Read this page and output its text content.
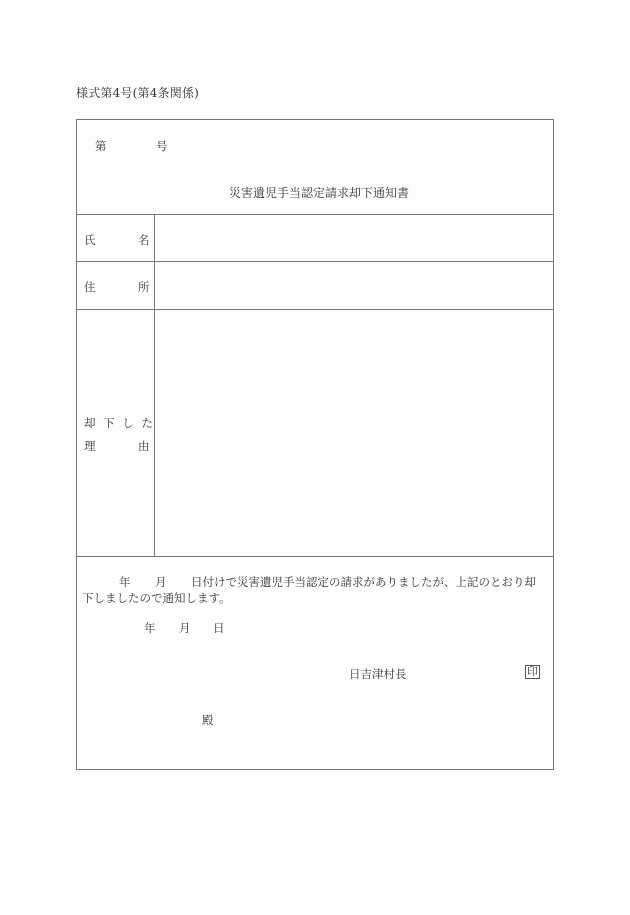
様式第4号(第4条関係)
第	号
災害遺児手当認定請求却下通知書
氏	名
住	所
却 下 し た
理	由
年 月 日付けで災害遺児手当認定の請求がありましたが、上記のとおり却
下しましたので通知します。
年 月 日
日吉津村長	印
殿
